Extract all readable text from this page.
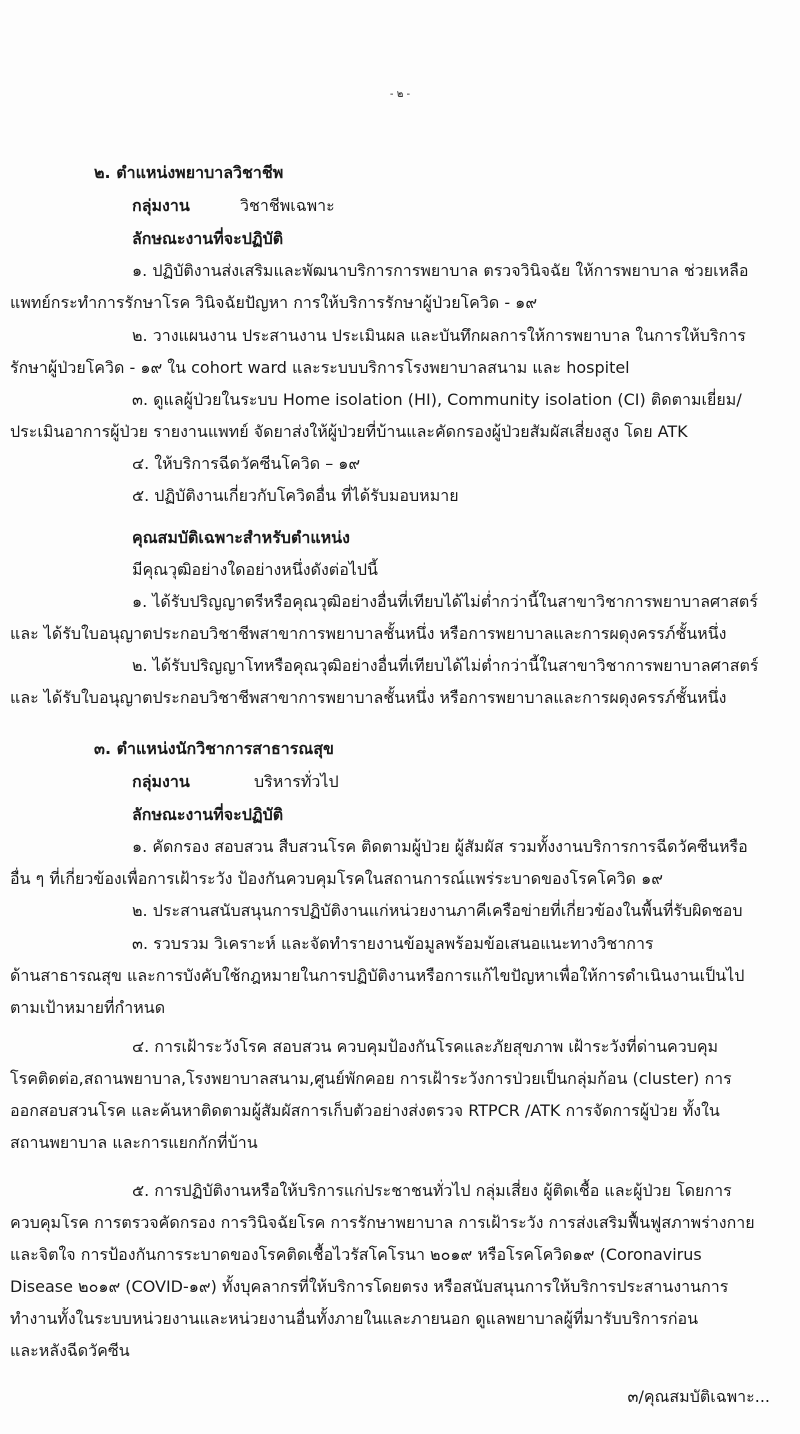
- ๒ -
๒. ตำแหน่งพยาบาลวิชาชีพ
กลุ่มงาน	วิชาชีพเฉพาะ
ลักษณะงานที่จะปฏิบัติ
๑. ปฏิบัติงานส่งเสริมและพัฒนาบริการการพยาบาล ตรวจวินิจฉัย ให้การพยาบาล ช่วยเหลือ
แพทย์กระทำการรักษาโรค วินิจฉัยปัญหา การให้บริการรักษาผู้ป่วยโควิด - ๑๙
๒. วางแผนงาน ประสานงาน ประเมินผล และบันทึกผลการให้การพยาบาล ในการให้บริการ
รักษาผู้ป่วยโควิด - ๑๙ ใน cohort ward และระบบบริการโรงพยาบาลสนาม และ hospitel
๓. ดูแลผู้ป่วยในระบบ Home isolation (HI), Community isolation (CI) ติดตามเยี่ยม/
ประเมินอาการผู้ป่วย รายงานแพทย์ จัดยาส่งให้ผู้ป่วยที่บ้านและคัดกรองผู้ป่วยสัมผัสเสี่ยงสูง โดย ATK
๔. ให้บริการฉีดวัคซีนโควิด – ๑๙
๕. ปฏิบัติงานเกี่ยวกับโควิดอื่น ที่ได้รับมอบหมาย
คุณสมบัติเฉพาะสำหรับตำแหน่ง
มีคุณวุฒิอย่างใดอย่างหนึ่งดังต่อไปนี้
๑. ได้รับปริญญาตรีหรือคุณวุฒิอย่างอื่นที่เทียบได้ไม่ต่ำกว่านี้ในสาขาวิชาการพยาบาลศาสตร์
และ ได้รับใบอนุญาตประกอบวิชาชีพสาขาการพยาบาลชั้นหนึ่ง หรือการพยาบาลและการผดุงครรภ์ชั้นหนึ่ง
๒. ได้รับปริญญาโทหรือคุณวุฒิอย่างอื่นที่เทียบได้ไม่ต่ำกว่านี้ในสาขาวิชาการพยาบาลศาสตร์
และ ได้รับใบอนุญาตประกอบวิชาชีพสาขาการพยาบาลชั้นหนึ่ง หรือการพยาบาลและการผดุงครรภ์ชั้นหนึ่ง
๓. ตำแหน่งนักวิชาการสาธารณสุข
กลุ่มงาน	บริหารทั่วไป
ลักษณะงานที่จะปฏิบัติ
๑. คัดกรอง สอบสวน สืบสวนโรค ติดตามผู้ป่วย ผู้สัมผัส รวมทั้งงานบริการการฉีดวัคซีนหรือ
อื่น ๆ ที่เกี่ยวข้องเพื่อการเฝ้าระวัง ป้องกันควบคุมโรคในสถานการณ์แพร่ระบาดของโรคโควิด ๑๙
๒. ประสานสนับสนุนการปฏิบัติงานแก่หน่วยงานภาคีเครือข่ายที่เกี่ยวข้องในพื้นที่รับผิดชอบ
๓. รวบรวม วิเคราะห์ และจัดทำรายงานข้อมูลพร้อมข้อเสนอแนะทางวิชาการ
ด้านสาธารณสุข และการบังคับใช้กฎหมายในการปฏิบัติงานหรือการแก้ไขปัญหาเพื่อให้การดำเนินงานเป็นไป
ตามเป้าหมายที่กำหนด
๔. การเฝ้าระวังโรค สอบสวน ควบคุมป้องกันโรคและภัยสุขภาพ เฝ้าระวังที่ด่านควบคุม
โรคติดต่อ,สถานพยาบาล,โรงพยาบาลสนาม,ศูนย์พักคอย การเฝ้าระวังการป่วยเป็นกลุ่มก้อน (cluster) การ
ออกสอบสวนโรค และค้นหาติดตามผู้สัมผัสการเก็บตัวอย่างส่งตรวจ RTPCR /ATK การจัดการผู้ป่วย ทั้งใน
สถานพยาบาล และการแยกกักที่บ้าน
๕. การปฏิบัติงานหรือให้บริการแก่ประชาชนทั่วไป กลุ่มเสี่ยง ผู้ติดเชื้อ และผู้ป่วย โดยการ
ควบคุมโรค การตรวจคัดกรอง การวินิจฉัยโรค การรักษาพยาบาล การเฝ้าระวัง การส่งเสริมฟื้นฟูสภาพร่างกาย
และจิตใจ การป้องกันการระบาดของโรคติดเชื้อไวรัสโคโรนา ๒๐๑๙ หรือโรคโควิด๑๙ (Coronavirus
Disease ๒๐๑๙ (COVID-๑๙) ทั้งบุคลากรที่ให้บริการโดยตรง หรือสนับสนุนการให้บริการประสานงานการ
ทำงานทั้งในระบบหน่วยงานและหน่วยงานอื่นทั้งภายในและภายนอก ดูแลพยาบาลผู้ที่มารับบริการก่อน
และหลังฉีดวัคซีน
๓/คุณสมบัติเฉพาะ...
